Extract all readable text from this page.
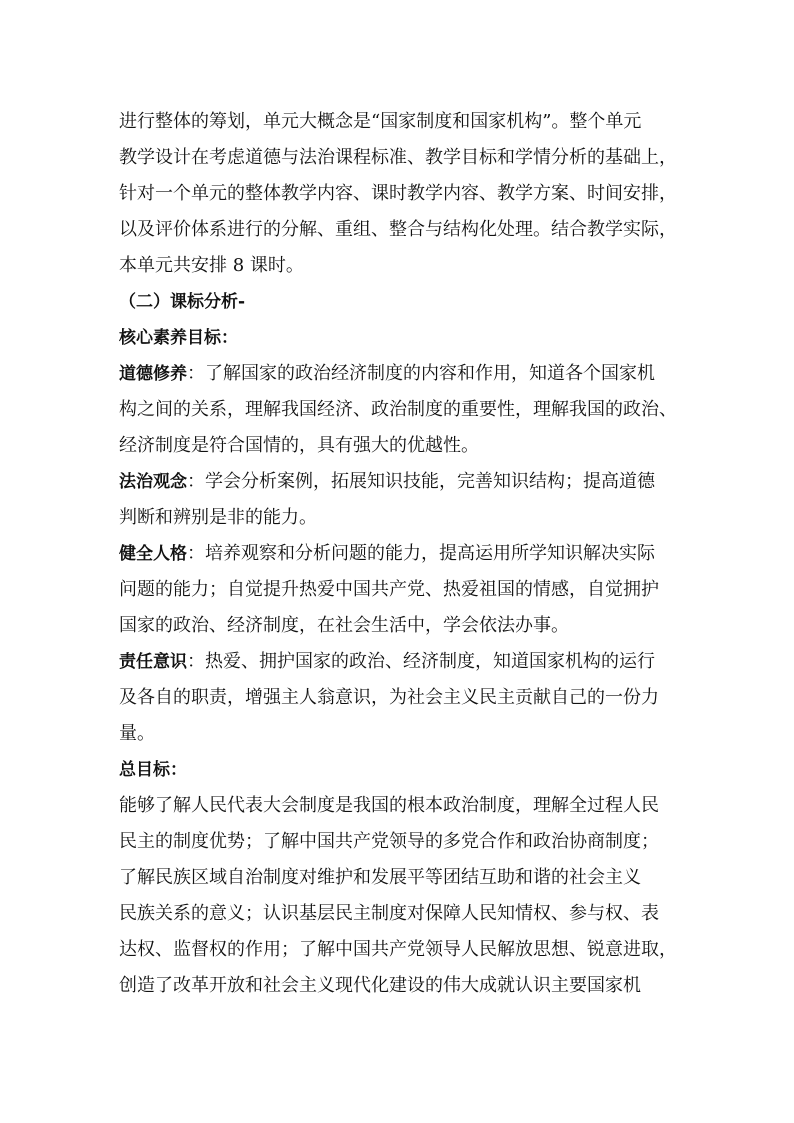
进行整体的筹划，单元大概念是“国家制度和国家机构”。整个单元
教学设计在考虑道德与法治课程标准、教学目标和学情分析的基础上，
针对一个单元的整体教学内容、课时教学内容、教学方案、时间安排，
以及评价体系进行的分解、重组、整合与结构化处理。结合教学实际，
本单元共安排 8 课时。
（二）课标分析-
核心素养目标：
道德修养：了解国家的政治经济制度的内容和作用，知道各个国家机
构之间的关系，理解我国经济、政治制度的重要性，理解我国的政治、
经济制度是符合国情的，具有强大的优越性。
法治观念：学会分析案例，拓展知识技能，完善知识结构；提高道德
判断和辨别是非的能力。
健全人格：培养观察和分析问题的能力，提高运用所学知识解决实际
问题的能力；自觉提升热爱中国共产党、热爱祖国的情感，自觉拥护
国家的政治、经济制度，在社会生活中，学会依法办事。
责任意识：热爱、拥护国家的政治、经济制度，知道国家机构的运行
及各自的职责，增强主人翁意识，为社会主义民主贡献自己的一份力
量。
总目标：
能够了解人民代表大会制度是我国的根本政治制度，理解全过程人民
民主的制度优势；了解中国共产党领导的多党合作和政治协商制度；
了解民族区域自治制度对维护和发展平等团结互助和谐的社会主义
民族关系的意义；认识基层民主制度对保障人民知情权、参与权、表
达权、监督权的作用；了解中国共产党领导人民解放思想、锐意进取，
创造了改革开放和社会主义现代化建设的伟大成就认识主要国家机
